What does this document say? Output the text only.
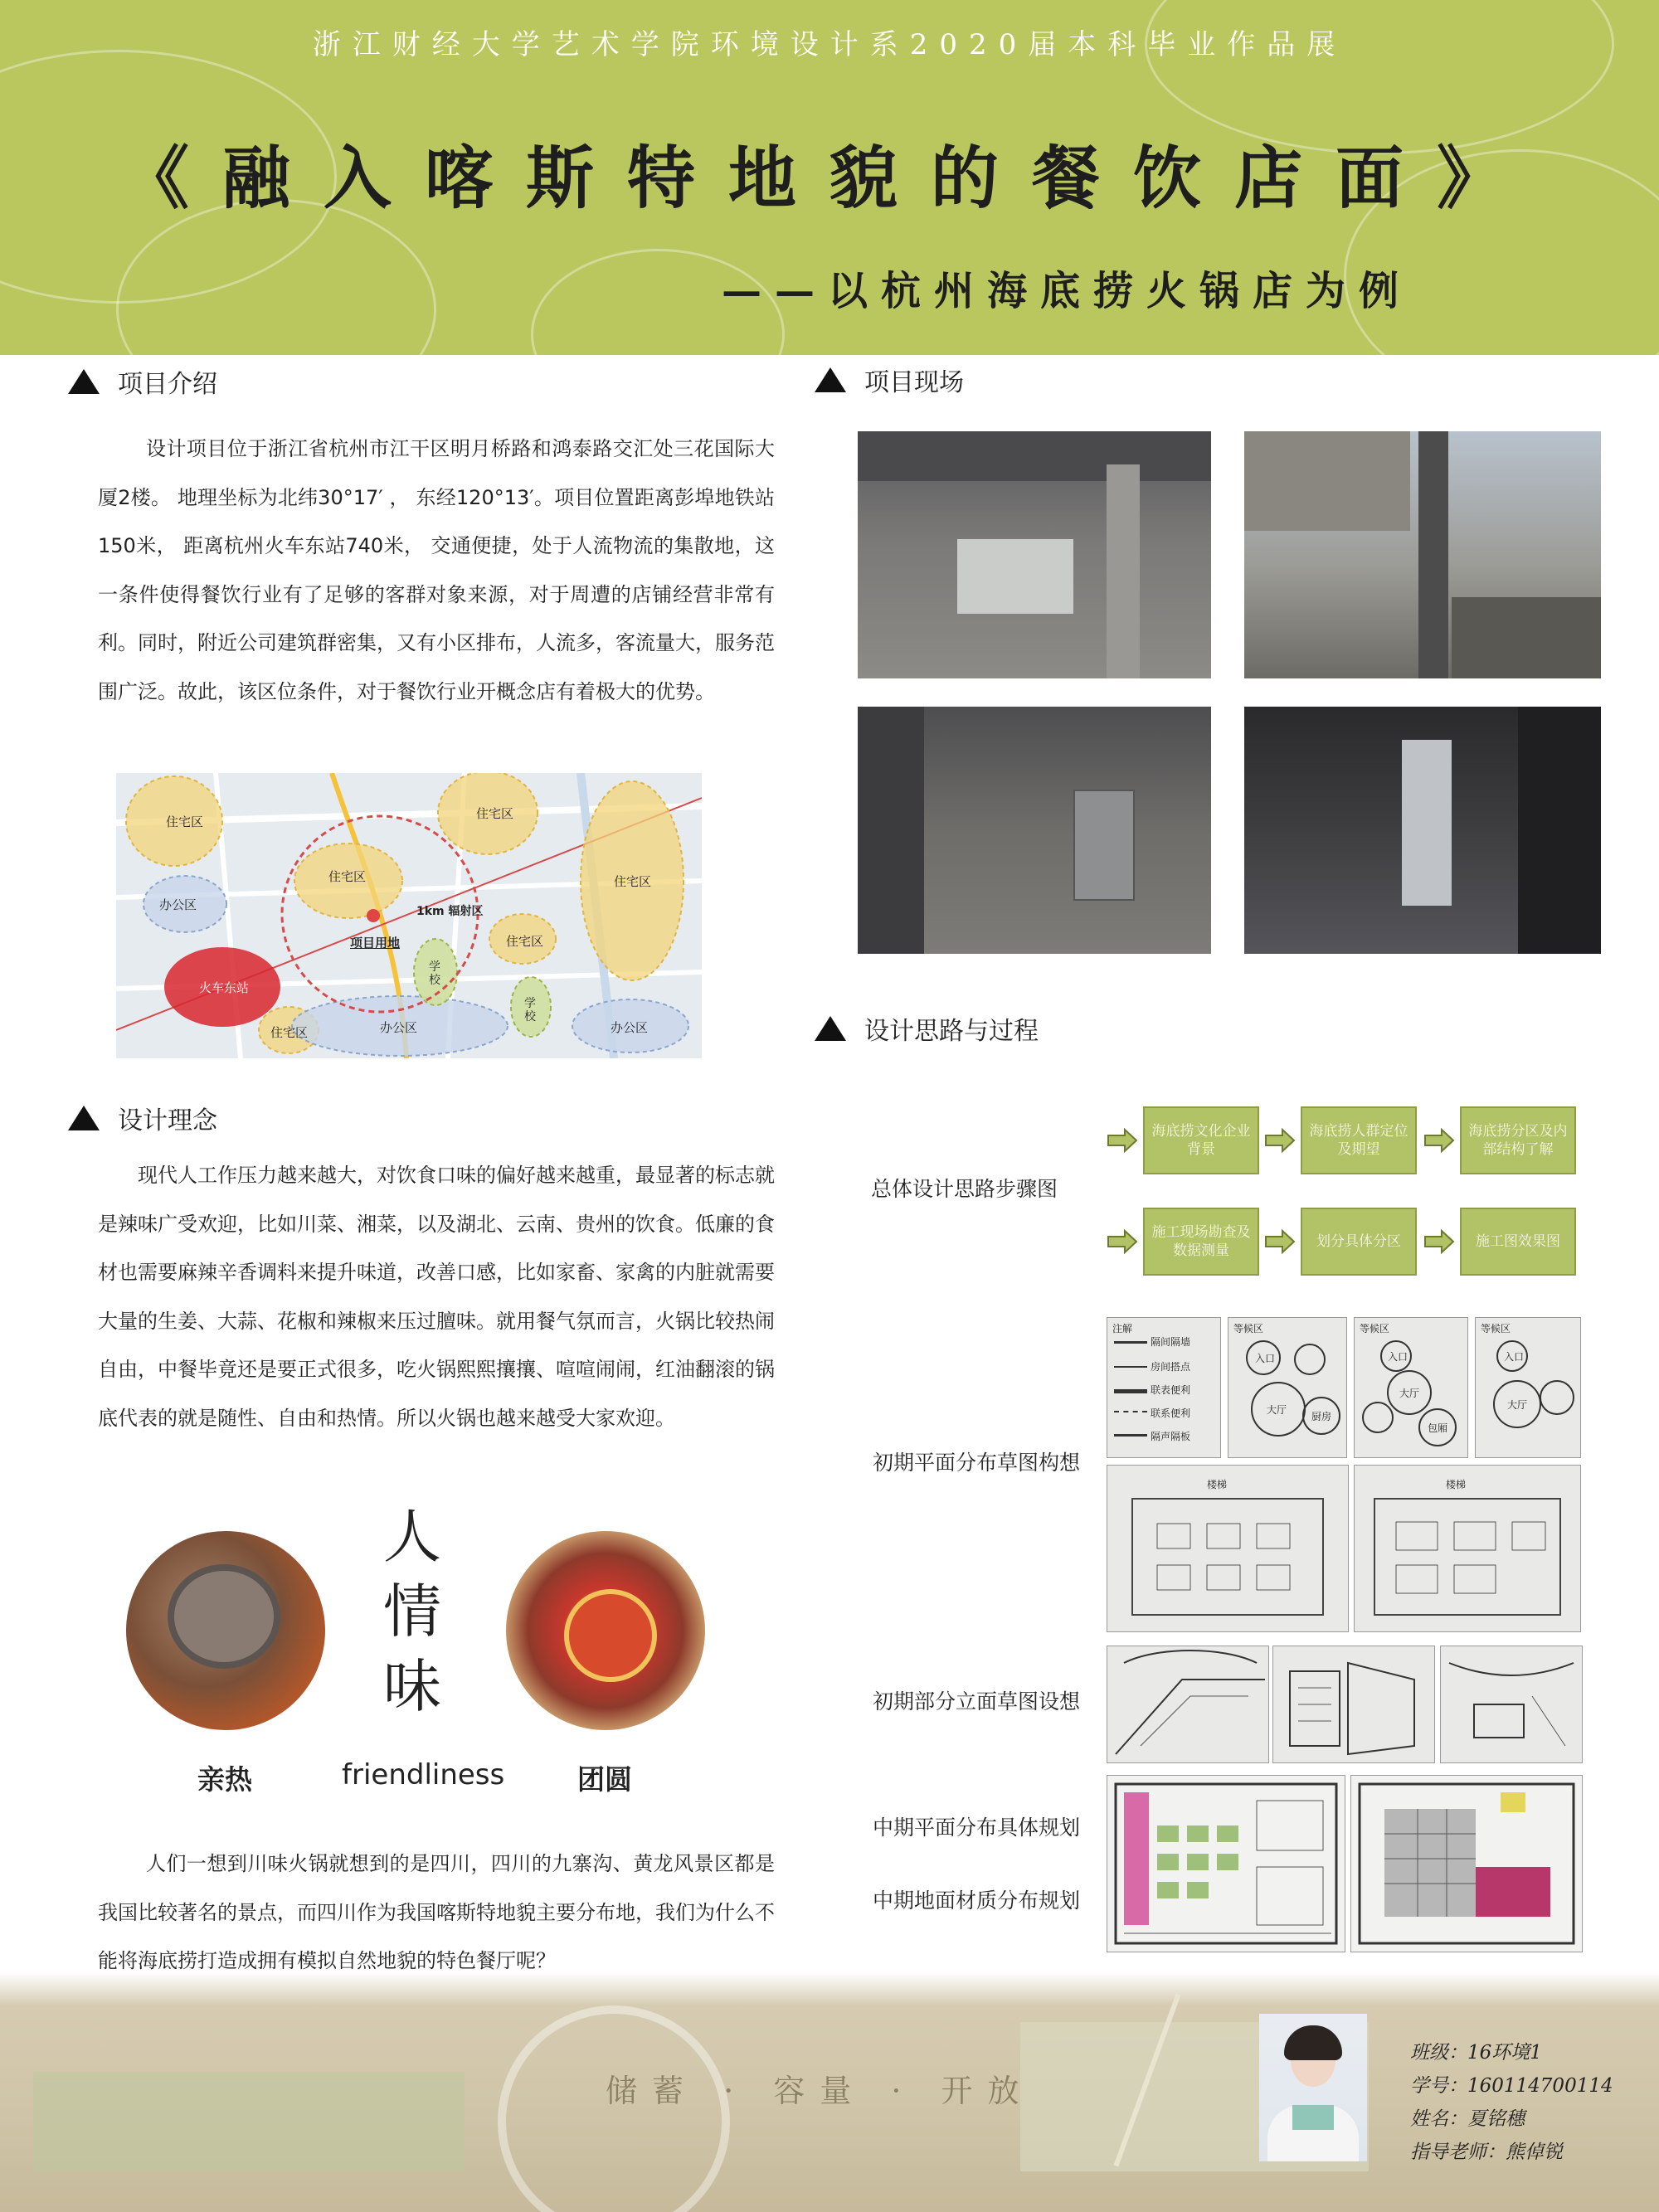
浙江财经大学艺术学院环境设计系2020届本科毕业作品展
《融入喀斯特地貌的餐饮店面》
——以杭州海底捞火锅店为例
项目介绍
设计项目位于浙江省杭州市江干区明月桥路和鸿泰路交汇处三花国际大厦2楼。 地理坐标为北纬30°17′ ， 东经120°13′。项目位置距离彭埠地铁站150米， 距离杭州火车东站740米， 交通便捷，处于人流物流的集散地，这一条件使得餐饮行业有了足够的客群对象来源，对于周遭的店铺经营非常有利。同时，附近公司建筑群密集，又有小区排布，人流多，客流量大，服务范围广泛。故此，该区位条件，对于餐饮行业开概念店有着极大的优势。
住宅区
住宅区
住宅区
住宅区
住宅区
住宅区
办公区
办公区	办公区
学
校
学
校
火车东站
项目用地
1km 辐射区
项目现场
设计理念
现代人工作压力越来越大，对饮食口味的偏好越来越重，最显著的标志就是辣味广受欢迎，比如川菜、湘菜，以及湖北、云南、贵州的饮食。低廉的食材也需要麻辣辛香调料来提升味道，改善口感，比如家畜、家禽的内脏就需要大量的生姜、大蒜、花椒和辣椒来压过膻味。就用餐气氛而言，火锅比较热闹自由，中餐毕竟还是要正式很多，吃火锅熙熙攘攘、喧喧闹闹，红油翻滚的锅底代表的就是随性、自由和热情。所以火锅也越来越受大家欢迎。
人
情
味
亲热	friendliness	团圆
人们一想到川味火锅就想到的是四川，四川的九寨沟、黄龙风景区都是我国比较著名的景点，而四川作为我国喀斯特地貌主要分布地，我们为什么不能将海底捞打造成拥有模拟自然地貌的特色餐厅呢？
设计思路与过程
海底捞文化企业背景
海底捞人群定位及期望
海底捞分区及内部结构了解
施工现场勘查及数据测量
划分具体分区	施工图效果图
总体设计思路步骤图
注解
隔间隔墙
房间搭点
联表便利
联系便利
隔声隔板
入口
大厅
厨房
等候区
入口
大厅
包厢
等候区
入口
大厅
等候区
楼梯	楼梯
初期平面分布草图构想
初期部分立面草图设想
中期平面分布具体规划
中期地面材质分布规划
储蓄 · 容量 · 开放
班级：16环境1
学号：160114700114
姓名：夏铭穗
指导老师：熊倬锐
